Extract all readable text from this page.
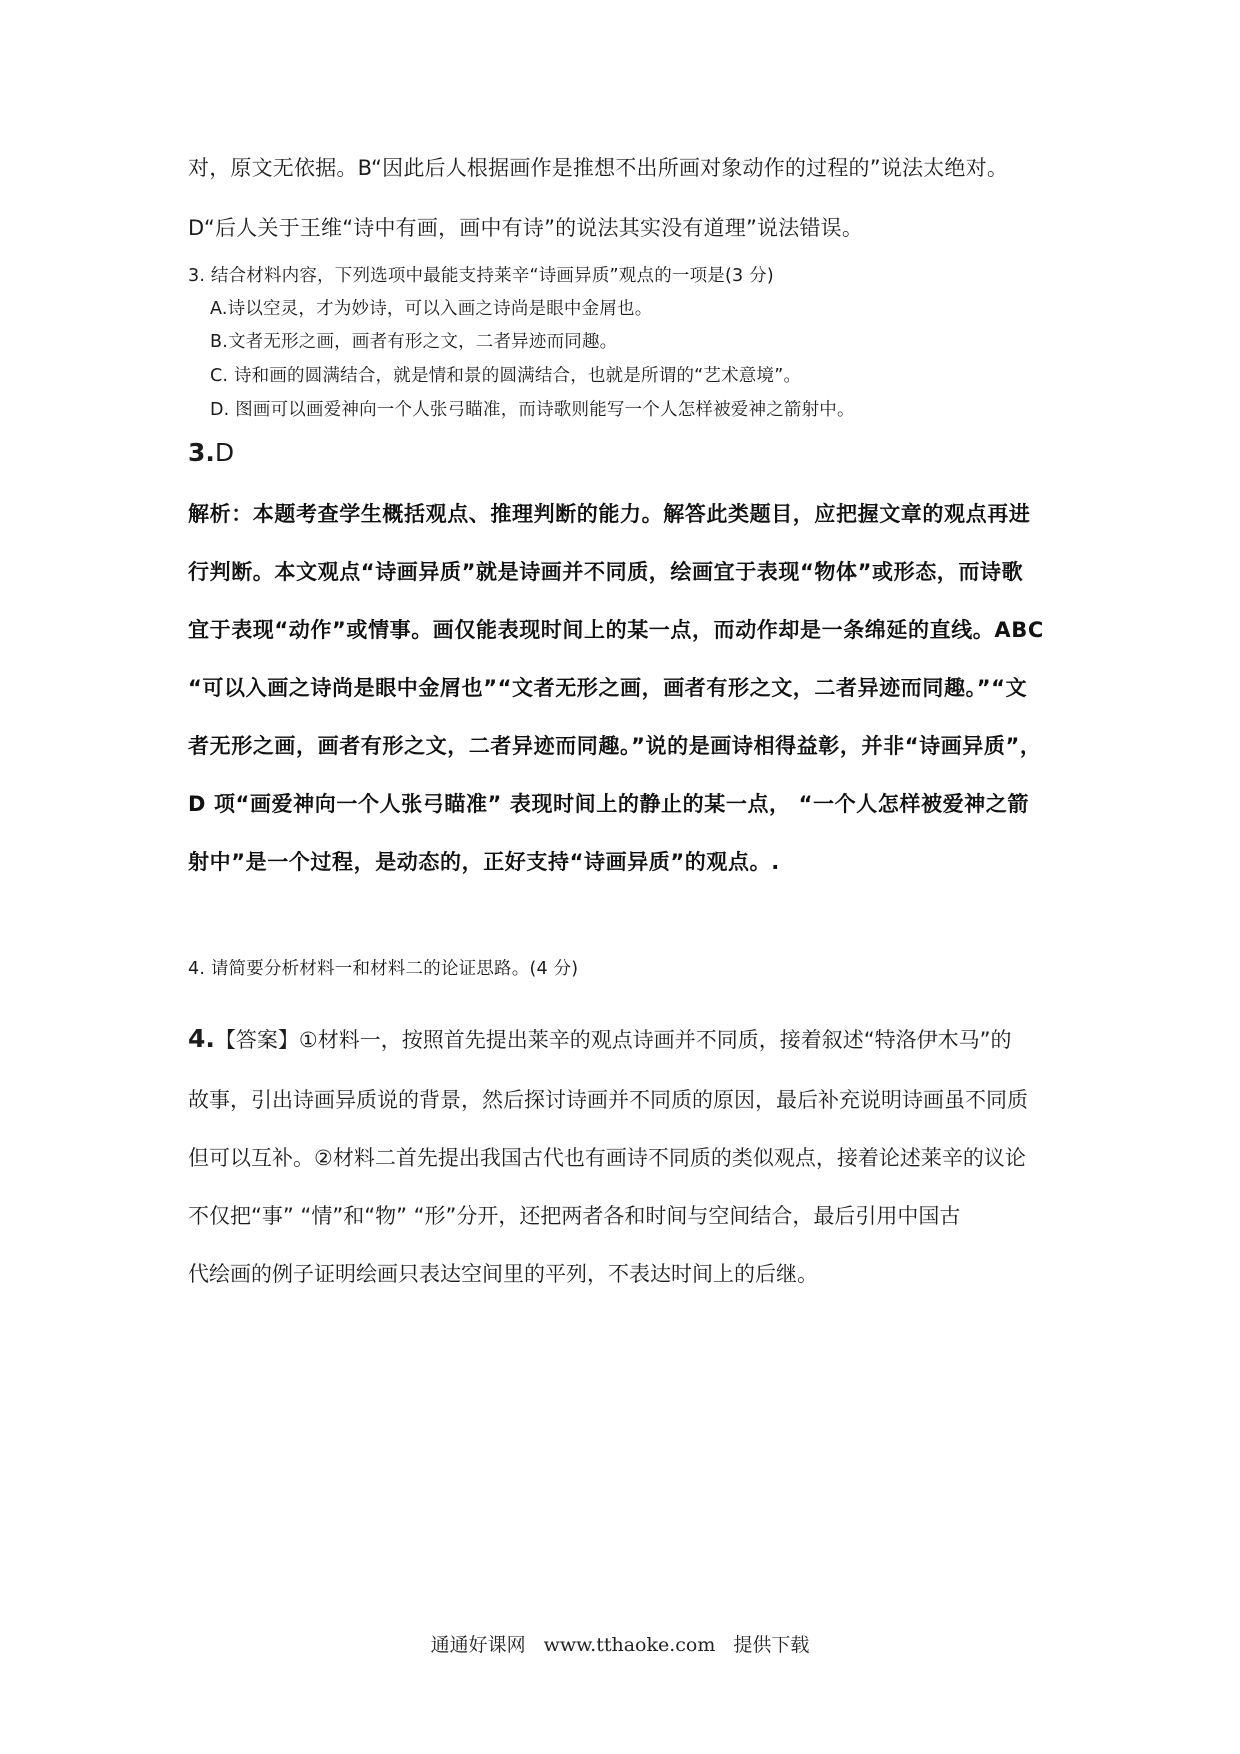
对，原文无依据。B“因此后人根据画作是推想不出所画对象动作的过程的”说法太绝对。
D“后人关于王维“诗中有画，画中有诗”的说法其实没有道理”说法错误。
3. 结合材料内容，下列选项中最能支持莱辛“诗画异质”观点的一项是(3 分)
A.诗以空灵，才为妙诗，可以入画之诗尚是眼中金屑也。
B.文者无形之画，画者有形之文，二者异迹而同趣。
C. 诗和画的圆满结合，就是情和景的圆满结合，也就是所谓的“艺术意境”。
D. 图画可以画爱神向一个人张弓瞄准，而诗歌则能写一个人怎样被爱神之箭射中。
3.D
解析：本题考查学生概括观点、推理判断的能力。解答此类题目，应把握文章的观点再进
行判断。本文观点“诗画异质”就是诗画并不同质，绘画宜于表现“物体”或形态，而诗歌
宜于表现“动作”或情事。画仅能表现时间上的某一点，而动作却是一条绵延的直线。ABC
“可以入画之诗尚是眼中金屑也”“文者无形之画，画者有形之文，二者异迹而同趣。”“文
者无形之画，画者有形之文，二者异迹而同趣。”说的是画诗相得益彰，并非“诗画异质”，
D 项“画爱神向一个人张弓瞄准” 表现时间上的静止的某一点， “一个人怎样被爱神之箭
射中”是一个过程，是动态的，正好支持“诗画异质”的观点。.
4. 请简要分析材料一和材料二的论证思路。(4 分)
4.【答案】①材料一，按照首先提出莱辛的观点诗画并不同质，接着叙述“特洛伊木马”的
故事，引出诗画异质说的背景，然后探讨诗画并不同质的原因，最后补充说明诗画虽不同质
但可以互补。②材料二首先提出我国古代也有画诗不同质的类似观点，接着论述莱辛的议论
不仅把“事” “情”和“物” “形”分开，还把两者各和时间与空间结合，最后引用中国古
代绘画的例子证明绘画只表达空间里的平列，不表达时间上的后继。
通通好课网 www.tthaoke.com 提供下载
